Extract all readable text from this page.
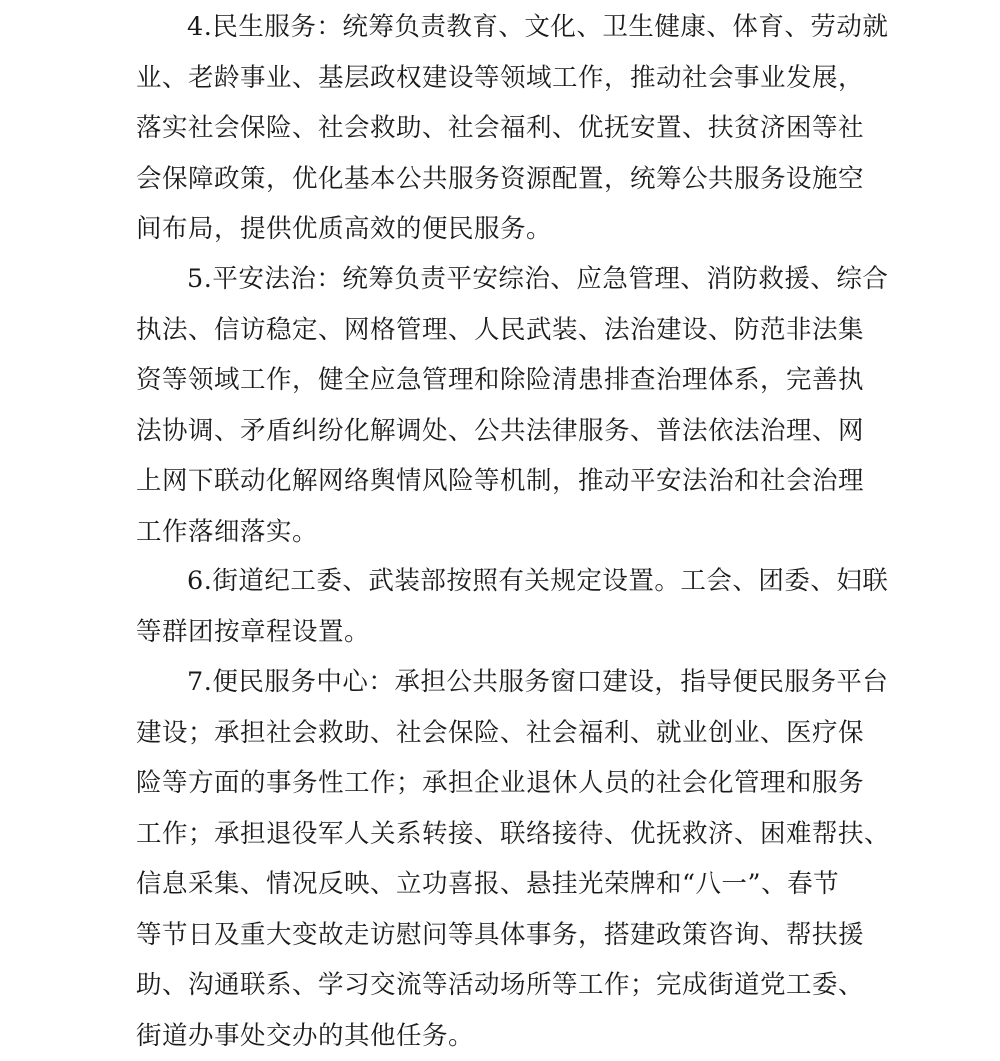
4.民生服务：统筹负责教育、文化、卫生健康、体育、劳动就
业、老龄事业、基层政权建设等领域工作，推动社会事业发展，
落实社会保险、社会救助、社会福利、优抚安置、扶贫济困等社
会保障政策，优化基本公共服务资源配置，统筹公共服务设施空
间布局，提供优质高效的便民服务。

5.平安法治：统筹负责平安综治、应急管理、消防救援、综合
执法、信访稳定、网格管理、人民武装、法治建设、防范非法集
资等领域工作，健全应急管理和除险清患排查治理体系，完善执
法协调、矛盾纠纷化解调处、公共法律服务、普法依法治理、网
上网下联动化解网络舆情风险等机制，推动平安法治和社会治理
工作落细落实。

6.街道纪工委、武装部按照有关规定设置。工会、团委、妇联
等群团按章程设置。

7.便民服务中心：承担公共服务窗口建设，指导便民服务平台
建设；承担社会救助、社会保险、社会福利、就业创业、医疗保
险等方面的事务性工作；承担企业退休人员的社会化管理和服务
工作；承担退役军人关系转接、联络接待、优抚救济、困难帮扶、
信息采集、情况反映、立功喜报、悬挂光荣牌和“八一”、春节
等节日及重大变故走访慰问等具体事务，搭建政策咨询、帮扶援
助、沟通联系、学习交流等活动场所等工作；完成街道党工委、
街道办事处交办的其他任务。
